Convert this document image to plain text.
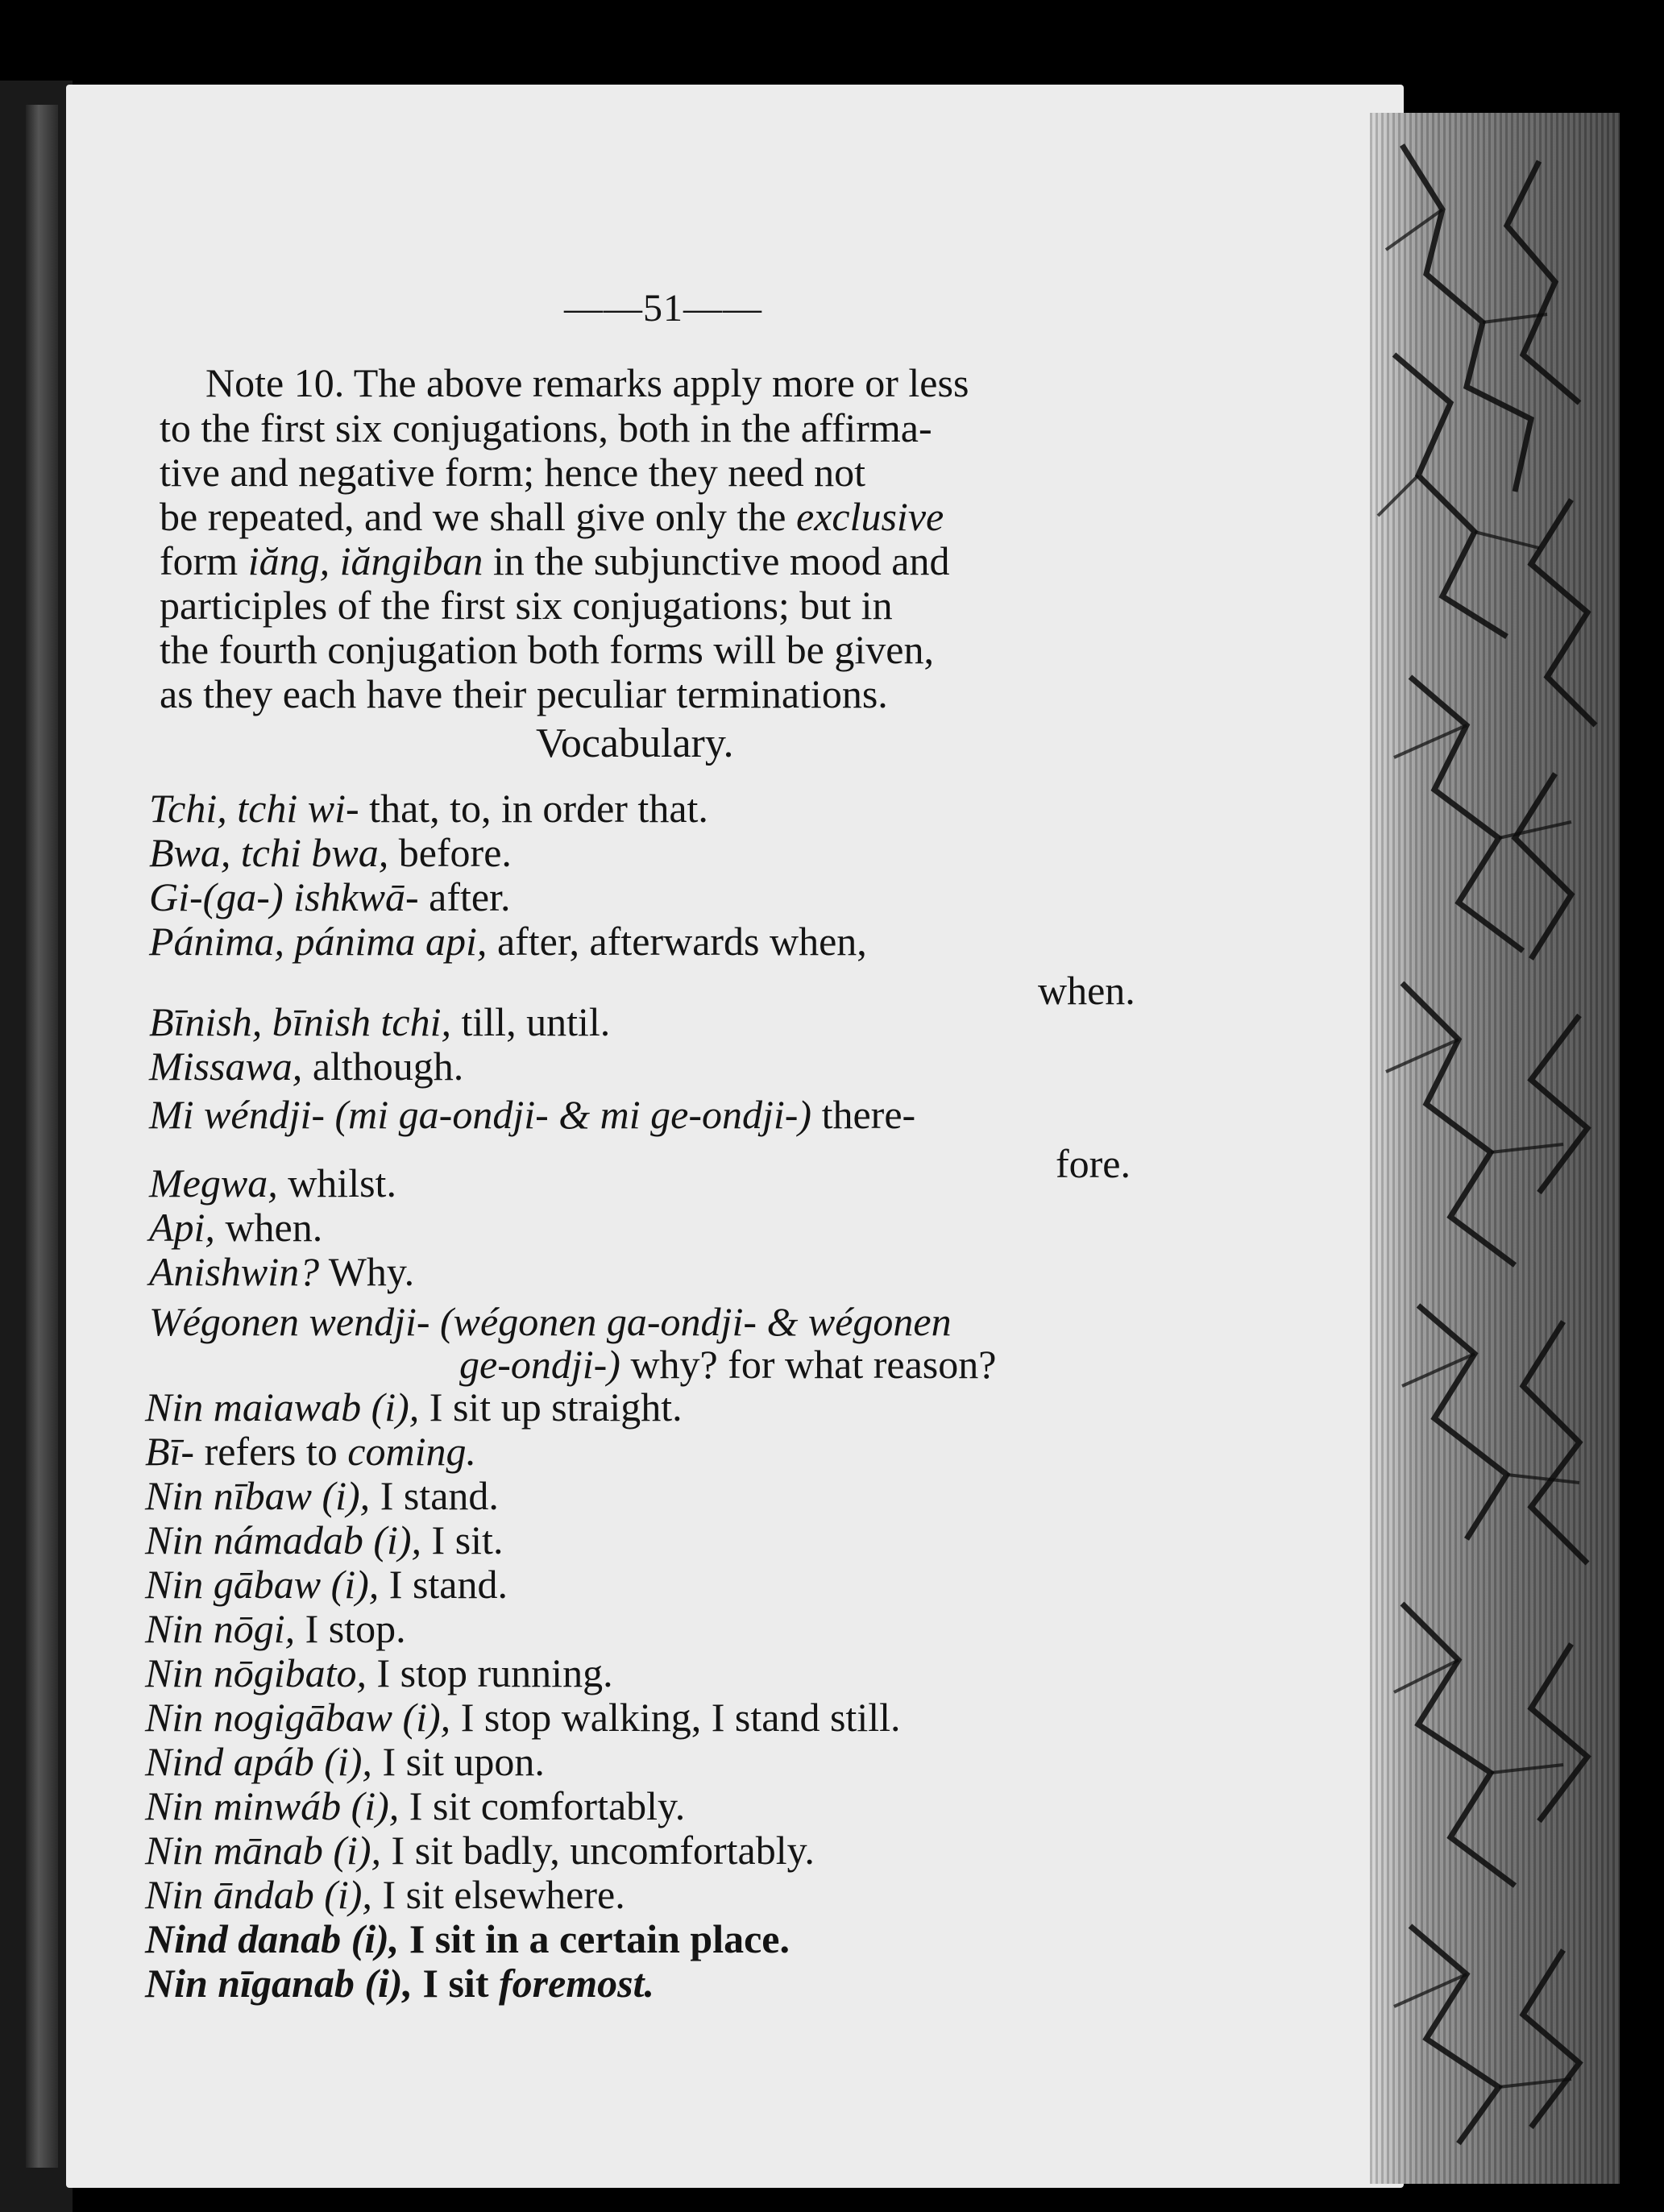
——51——
Note 10. The above remarks apply more or less
to the first six conjugations, both in the affirma-
tive and negative form; hence they need not
be repeated, and we shall give only the exclusive
form iăng, iăngiban in the subjunctive mood and
participles of the first six conjugations; but in
the fourth conjugation both forms will be given,
as they each have their peculiar terminations.
Vocabulary.
Tchi, tchi wi- that, to, in order that.
Bwa, tchi bwa, before.
Gi-(ga-) ishkwā- after.
Pánima, pánima api, after, afterwards when,
when.
Bīnish, bīnish tchi, till, until.
Missawa, although.
Mi wéndji- (mi ga-ondji- & mi ge-ondji-) there-
fore.
Megwa, whilst.
Api, when.
Anishwin? Why.
Wégonen wendji- (wégonen ga-ondji- & wégonen
ge-ondji-) why? for what reason?
Nin maiawab (i), I sit up straight.
Bī- refers to coming.
Nin nībaw (i), I stand.
Nin námadab (i), I sit.
Nin gābaw (i), I stand.
Nin nōgi, I stop.
Nin nōgibato, I stop running.
Nin nogigābaw (i), I stop walking, I stand still.
Nind apáb (i), I sit upon.
Nin minwáb (i), I sit comfortably.
Nin mānab (i), I sit badly, uncomfortably.
Nin āndab (i), I sit elsewhere.
Nind danab (i), I sit in a certain place.
Nin nīganab (i), I sit foremost.
